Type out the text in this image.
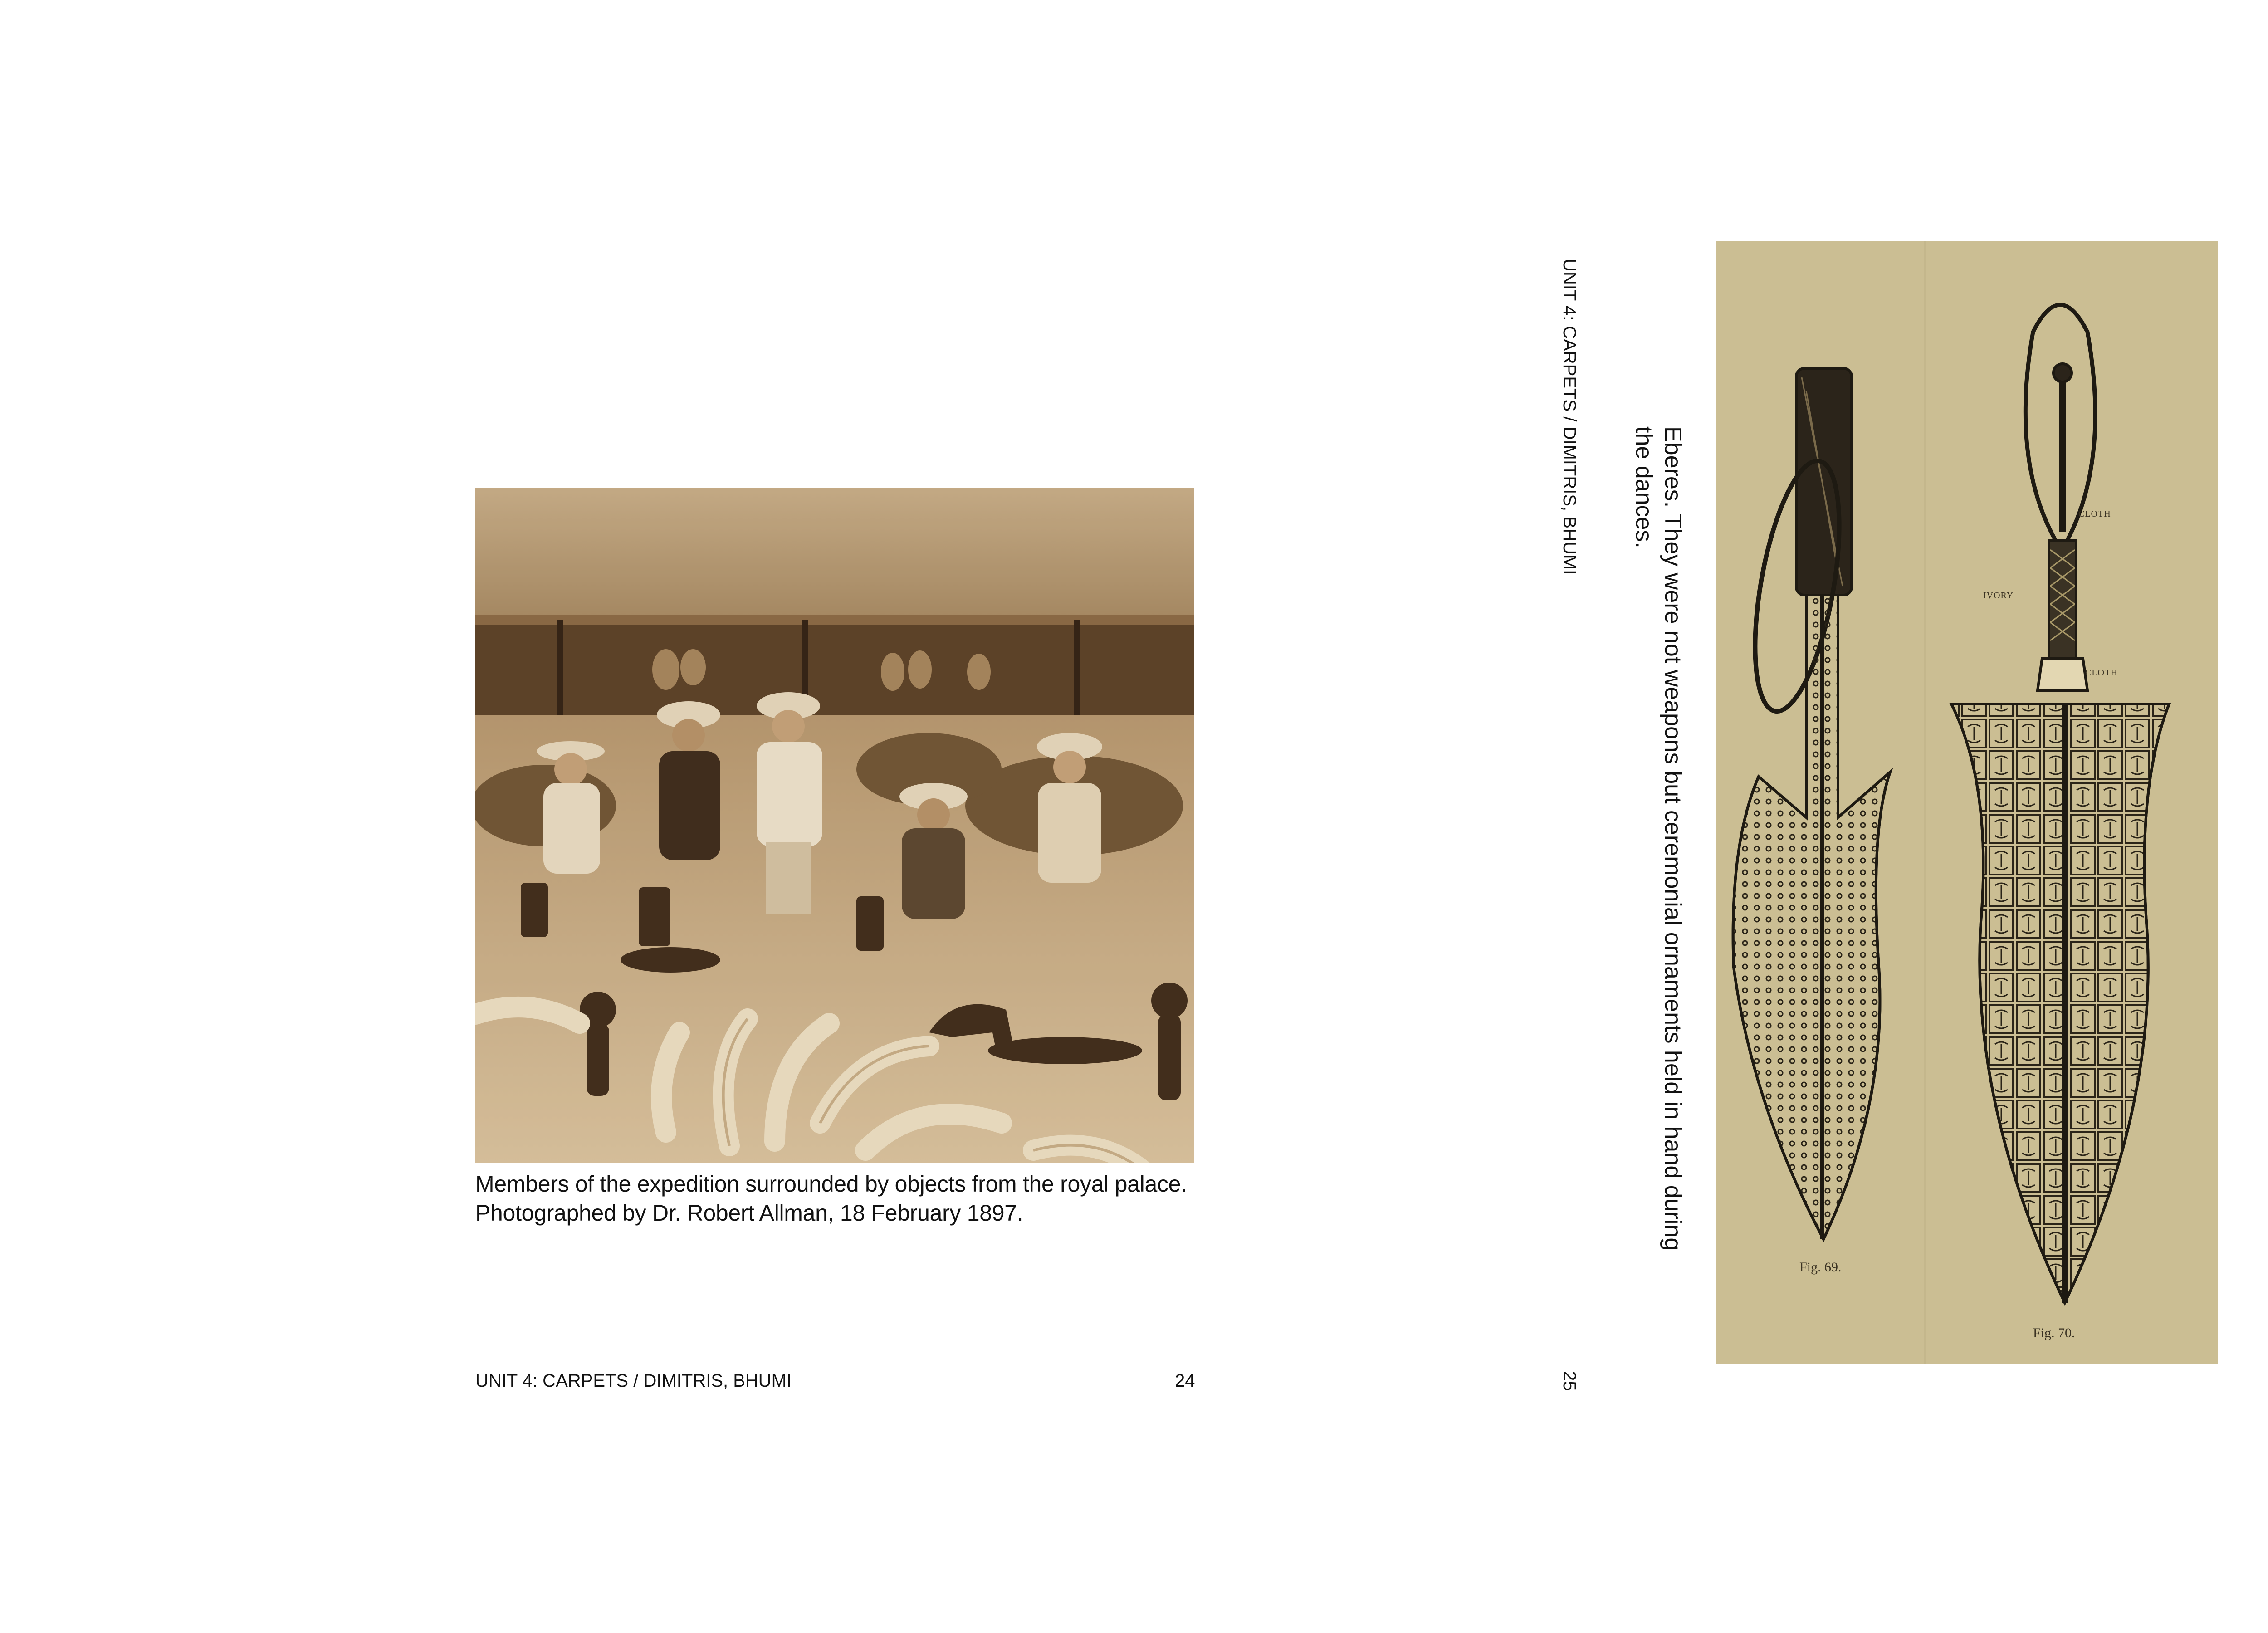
Members of the expedition surrounded by objects from the royal palace.
Photographed by Dr. Robert Allman, 18 February 1897.
UNIT 4: CARPETS / DIMITRIS, BHUMI	24
UNIT 4: CARPETS / DIMITRIS, BHUMI
25
Eberes. They were not weapons but ceremonial ornaments held in hand during
the dances.
Fig. 69.
Fig. 70.
IVORY
CLOTH
CLOTH
